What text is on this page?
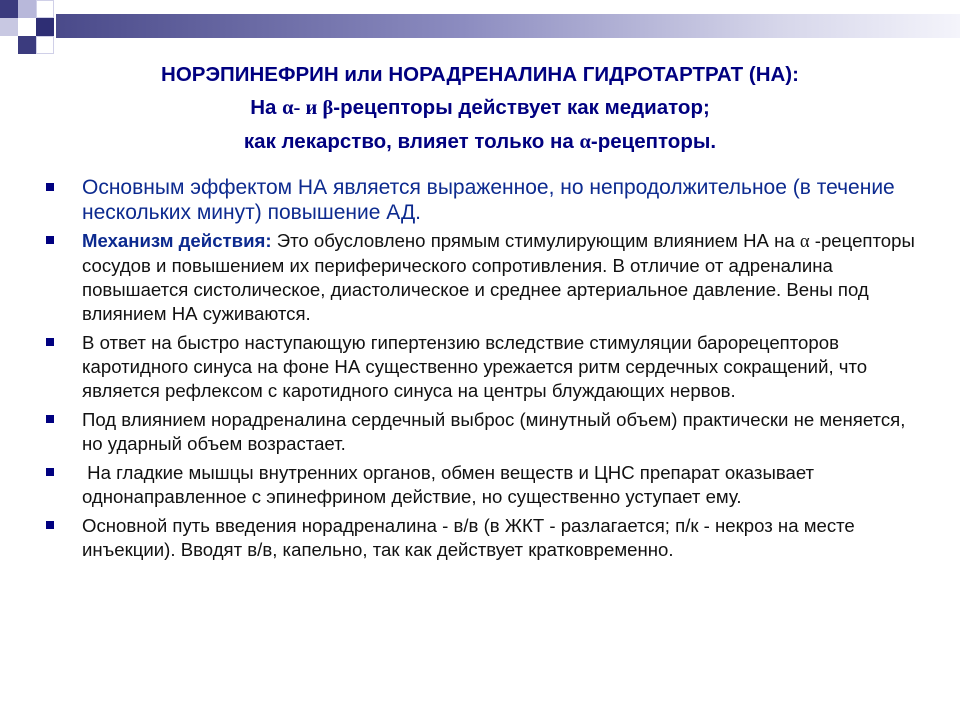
НОРЭПИНЕФРИН или НОРАДРЕНАЛИНА ГИДРОТАРТРАТ (НА):
На α- и β-рецепторы действует как медиатор;
как лекарство, влияет только на α-рецепторы.
Основным эффектом НА является выраженное, но непродолжительное (в течение нескольких минут) повышение АД.
Механизм действия: Это обусловлено прямым стимулирующим влиянием НА на α -рецепторы сосудов и повышением их периферического сопротивления. В отличие от адреналина повышается систолическое, диастолическое и среднее артериальное давление. Вены под влиянием НА суживаются.
В ответ на быстро наступающую гипертензию вследствие стимуляции барорецепторов каротидного синуса на фоне НА существенно урежается ритм сердечных сокращений, что является рефлексом с каротидного синуса на центры блуждающих нервов.
Под влиянием норадреналина сердечный выброс (минутный объем) практически не меняется, но ударный объем возрастает.
На гладкие мышцы внутренних органов, обмен веществ и ЦНС препарат оказывает однонаправленное с эпинефрином действие, но существенно уступает ему.
Основной путь введения норадреналина - в/в (в ЖКТ - разлагается; п/к - некроз на месте инъекции). Вводят в/в, капельно, так как действует кратковременно.
